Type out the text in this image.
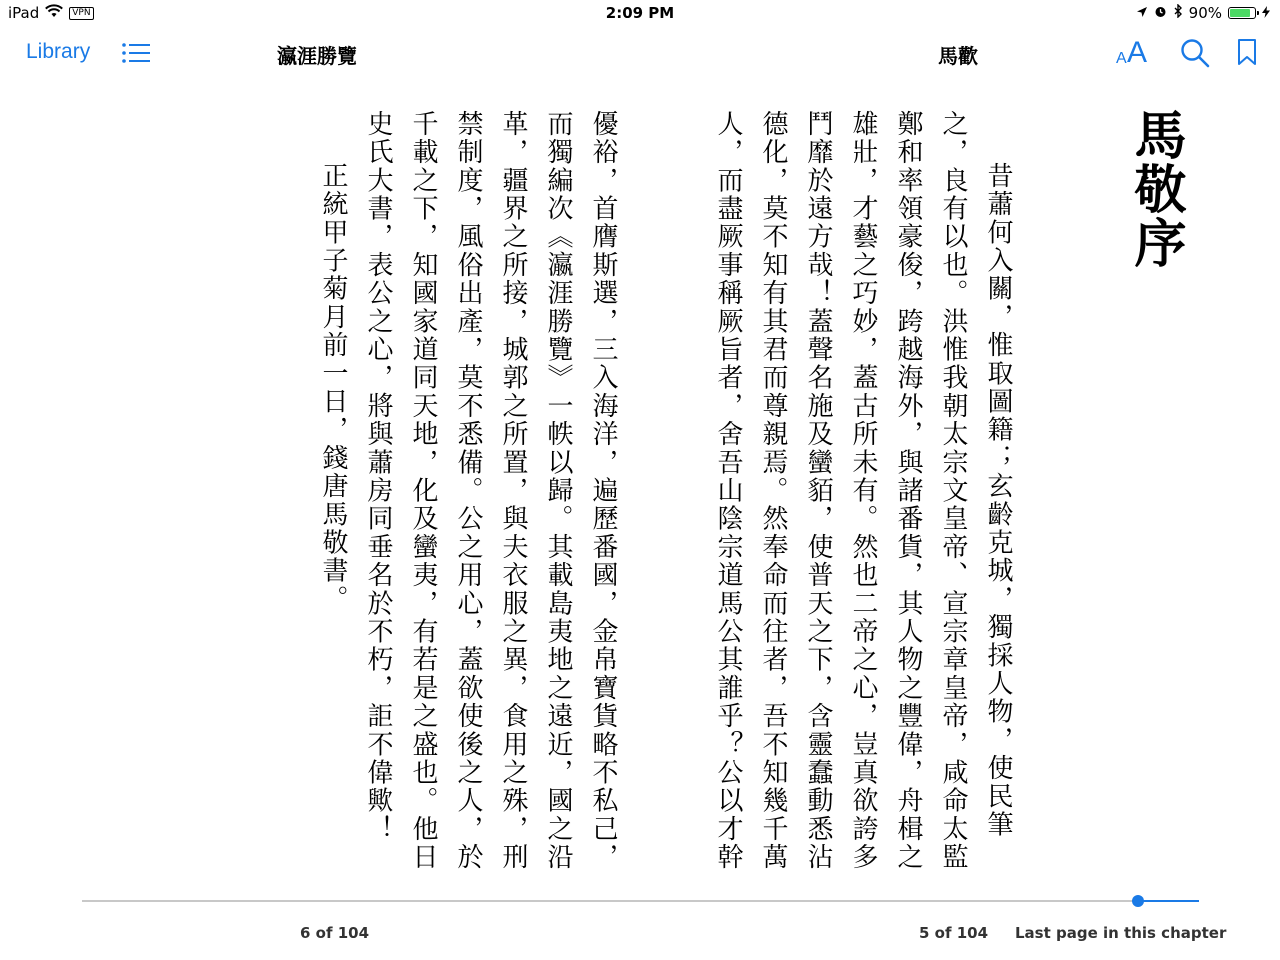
iPad	VPN	2:09 PM	90%
Library	瀛涯勝覽	馬歡	A A
馬敬序
昔蕭何入關，惟取圖籍；玄齡克城，獨採人物，使民筆之，良有以也。洪惟我朝太宗文皇帝、宣宗章皇帝，咸命太監鄭和率領豪俊，跨越海外，與諸番貨，其人物之豐偉，舟楫之雄壯，才藝之巧妙，蓋古所未有。然也二帝之心，豈真欲誇多鬥靡於遠方哉！蓋聲名施及蠻貊，使普天之下，含靈蠢動悉沾德化，莫不知有其君而尊親焉。然奉命而往者，吾不知幾千萬人，而盡厥事稱厥旨者，舍吾山陰宗道馬公其誰乎？公以才幹
優裕，首膺斯選，三入海洋，遍歷番國，金帛寶貨略不私己，而獨編次《瀛涯勝覽》一帙以歸。其載島夷地之遠近，國之沿革，疆界之所接，城郭之所置，與夫衣服之異，食用之殊，刑禁制度，風俗出產，莫不悉備。公之用心，蓋欲使後之人，於千載之下，知國家道同天地，化及蠻夷，有若是之盛也。他日史氏大書，表公之心，將與蕭房同垂名於不朽，詎不偉歟！
正統甲子菊月前一日，錢唐馬敬書。
6 of 104	5 of 104 Last page in this chapter
